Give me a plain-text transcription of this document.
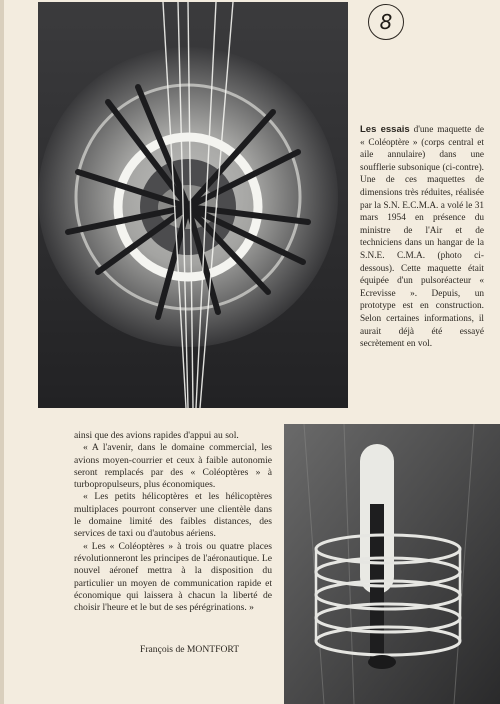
8
Les essais d'une maquette de « Coléoptère » (corps central et aile annulaire) dans une soufflerie subsonique (ci-contre). Une de ces maquettes de dimensions très réduites, réalisée par la S.N. E.C.M.A. a volé le 31 mars 1954 en présence du ministre de l'Air et de techniciens dans un hangar de la S.N.E. C.M.A. (photo ci-dessous). Cette maquette était équipée d'un pulsoréacteur « Ecrevisse ». Depuis, un prototype est en construction. Selon certaines informations, il aurait déjà été essayé secrètement en vol.

ainsi que des avions rapides d'appui au sol.

« A l'avenir, dans le domaine commercial, les avions moyen-courrier et ceux à faible autonomie seront remplacés par des « Coléoptères » à turbopropulseurs, plus économiques.

« Les petits hélicoptères et les hélicoptères multiplaces pourront conserver une clientèle dans le domaine limité des faibles distances, des services de taxi ou d'autobus aériens.

« Les « Coléoptères » à trois ou quatre places révolutionneront les principes de l'aéronautique. Le nouvel aéronef mettra à la disposition du particulier un moyen de communication rapide et économique qui laissera à chacun la liberté de choisir l'heure et le but de ses pérégrinations. »

François de MONTFORT
